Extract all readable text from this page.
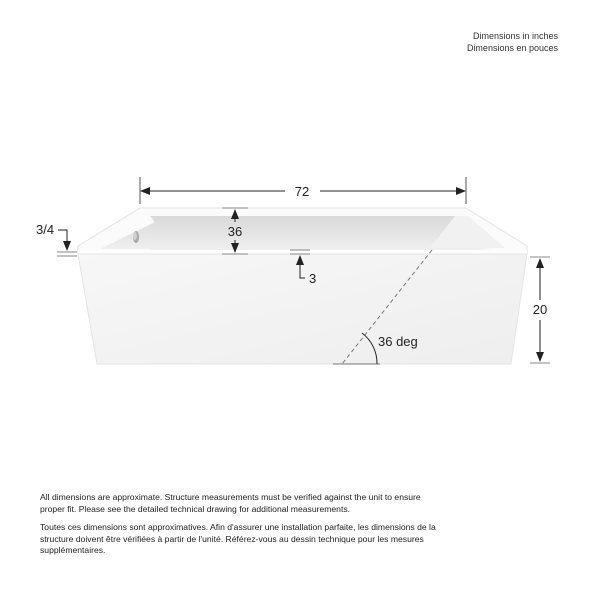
Dimensions in inches
Dimensions en pouces
72
3/4	36
3
20
36 deg

All dimensions are approximate. Structure measurements must be verified against the unit to ensure proper fit. Please see the detailed technical drawing for additional measurements.

Toutes ces dimensions sont approximatives. Afin d'assurer une installation parfaite, les dimensions de la structure doivent être vérifiées à partir de l'unité. Référez-vous au dessin technique pour les mesures supplémentaires.
